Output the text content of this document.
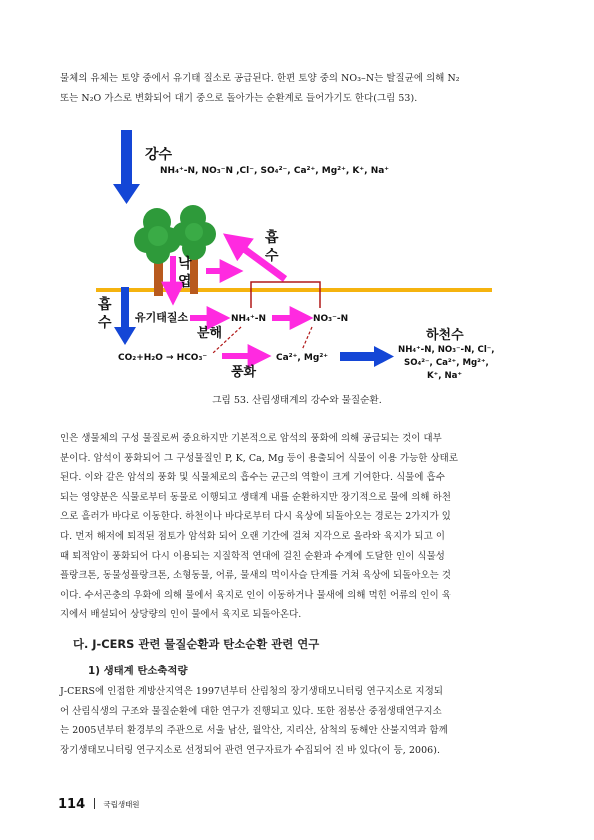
물체의 유체는 토양 중에서 유기태 질소로 공급된다. 한편 토양 중의 NO₃–N는 탈질균에 의해 N₂
또는 N₂O 가스로 변화되어 대기 중으로 돌아가는 순환계로 들어가기도 한다(그림 53).
강수
NH₄⁺-N, NO₃⁻N ,Cl⁻, SO₄²⁻, Ca²⁺, Mg²⁺, K⁺, Na⁺
흡
수
낙
엽
흡
수 유기태질소
분해
NH₄⁺-N	NO₃⁻-N
하천수
NH₄⁺-N, NO₃⁻-N, Cl⁻,
SO₄²⁻, Ca²⁺, Mg²⁺,
K⁺, Na⁺
CO₂+H₂O → HCO₃⁻	Ca²⁺, Mg²⁺
풍화
그림 53. 산림생태계의 강수와 물질순환.
인은 생물체의 구성 물질로써 중요하지만 기본적으로 암석의 풍화에 의해 공급되는 것이 대부
분이다. 암석이 풍화되어 그 구성물질인 P, K, Ca, Mg 등이 용출되어 식물이 이용 가능한 상태로
된다. 이와 같은 암석의 풍화 및 식물체로의 흡수는 균근의 역할이 크게 기여한다. 식물에 흡수
되는 영양분은 식물로부터 동물로 이행되고 생태계 내를 순환하지만 장기적으로 물에 의해 하천
으로 흘러가 바다로 이동한다. 하천이나 바다로부터 다시 육상에 되돌아오는 경로는 2가지가 있
다. 먼저 해저에 퇴적된 점토가 암석화 되어 오랜 기간에 걸쳐 지각으로 올라와 육지가 되고 이
때 퇴적암이 풍화되어 다시 이용되는 지질학적 연대에 걸친 순환과 수계에 도달한 인이 식물성
플랑크톤, 동물성플랑크톤, 소형동물, 어류, 물새의 먹이사슬 단계를 거쳐 육상에 되돌아오는 것
이다. 수서곤충의 우화에 의해 물에서 육지로 인이 이동하거나 물새에 의해 먹힌 어류의 인이 육
지에서 배설되어 상당량의 인이 물에서 육지로 되돌아온다.
다. J-CERS 관련 물질순환과 탄소순환 관련 연구
1) 생태계 탄소축적량
J-CERS에 인접한 계방산지역은 1997년부터 산림청의 장기생태모니터링 연구지소로 지정되
어 산림식생의 구조와 물질순환에 대한 연구가 진행되고 있다. 또한 점봉산 중점생태연구지소
는 2005년부터 환경부의 주관으로 서울 남산, 월악산, 지리산, 삼척의 동해안 산불지역과 함께
장기생태모니터링 연구지소로 선정되어 관련 연구자료가 수집되어 진 바 있다(이 등, 2006).
114 국립생태원
